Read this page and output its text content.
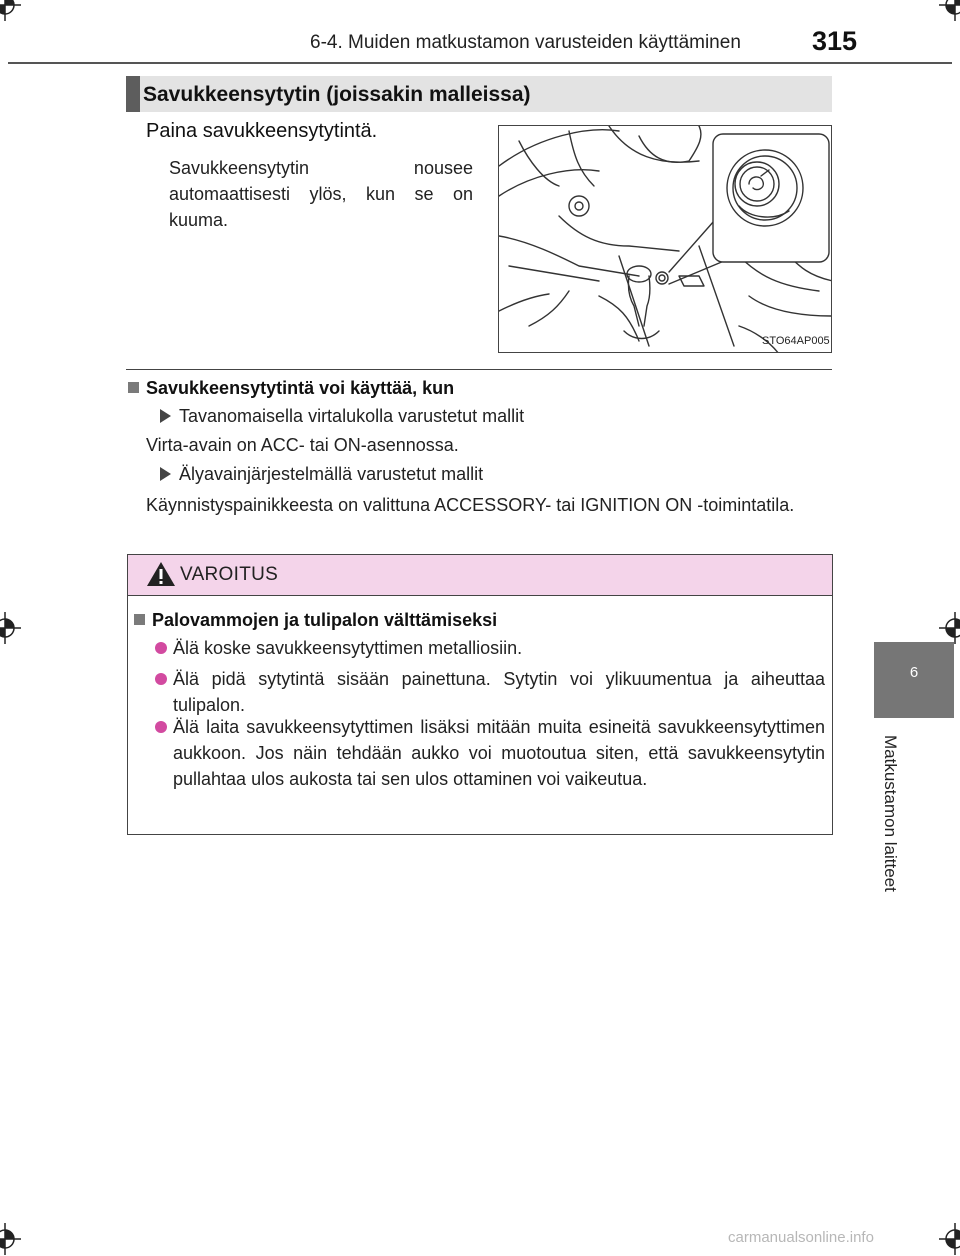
6-4. Muiden matkustamon varusteiden käyttäminen	315
Savukkeensytytin (joissakin malleissa)
Paina savukkeensytytintä.
Savukkeensytytin nousee automaattisesti ylös, kun se on kuuma.
STO64AP005
Savukkeensytytintä voi käyttää, kun
Tavanomaisella virtalukolla varustetut mallit
Virta-avain on ACC- tai ON-asennossa.
Älyavainjärjestelmällä varustetut mallit
Käynnistyspainikkeesta on valittuna ACCESSORY- tai IGNITION ON -toimintatila.
VAROITUS
Palovammojen ja tulipalon välttämiseksi
Älä koske savukkeensytyttimen metalliosiin.
Älä pidä sytytintä sisään painettuna. Sytytin voi ylikuumentua ja aiheuttaa tulipalon.
Älä laita savukkeensytyttimen lisäksi mitään muita esineitä savukkeensytyttimen aukkoon. Jos näin tehdään aukko voi muotoutua siten, että savukkeensytytin pullahtaa ulos aukosta tai sen ulos ottaminen voi vaikeutua.
6
Matkustamon laitteet
carmanualsonline.info
